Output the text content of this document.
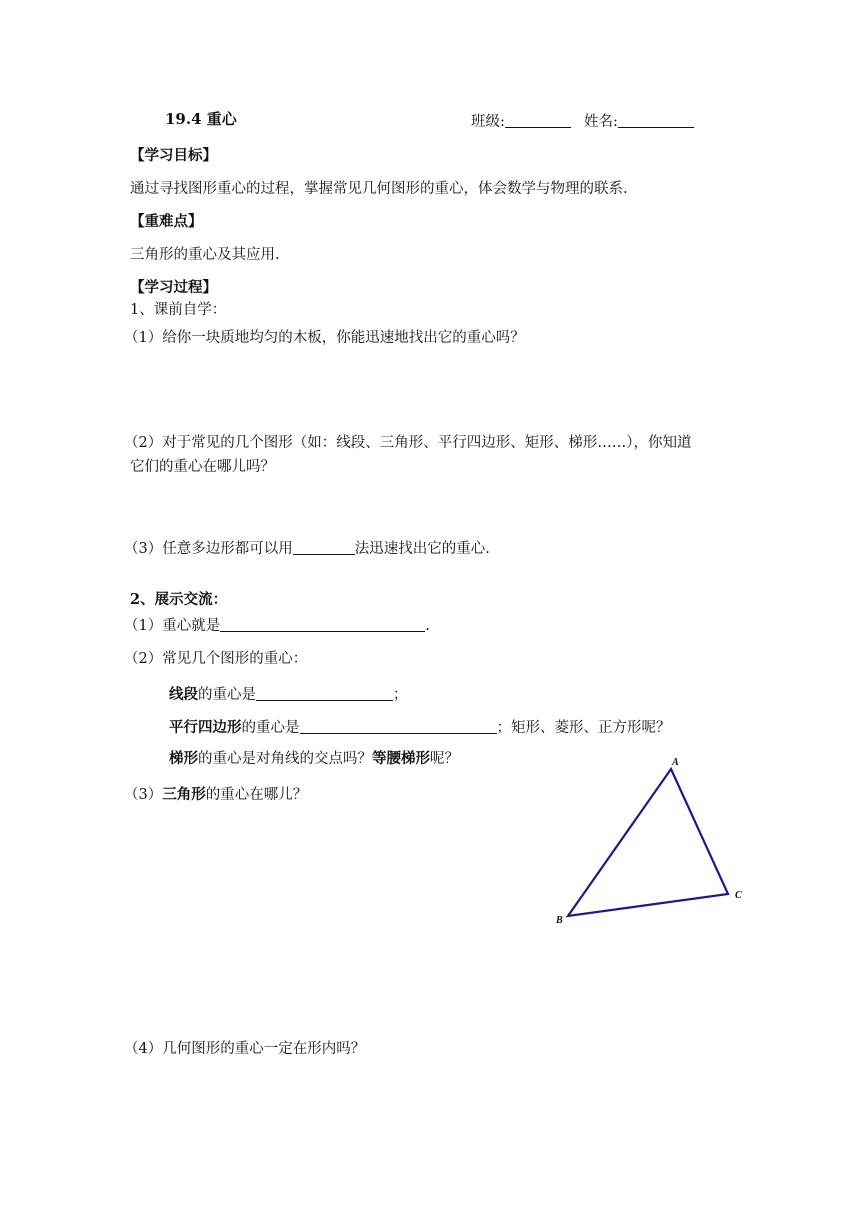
19.4 重心	班级:	姓名:
【学习目标】
通过寻找图形重心的过程，掌握常见几何图形的重心，体会数学与物理的联系.
【重难点】
三角形的重心及其应用.
【学习过程】
1、课前自学：
（1）给你一块质地均匀的木板，你能迅速地找出它的重心吗？
（2）对于常见的几个图形（如：线段、三角形、平行四边形、矩形、梯形……），你知道
它们的重心在哪儿吗？
（3）任意多边形都可以用	法迅速找出它的重心.
2、展示交流：
（1）重心就是	.
（2）常见几个图形的重心：
线段的重心是	；
平行四边形的重心是	；矩形、菱形、正方形呢？
梯形的重心是对角线的交点吗？等腰梯形呢？
（3）三角形的重心在哪儿？
（4）几何图形的重心一定在形内吗？
A
B
C
